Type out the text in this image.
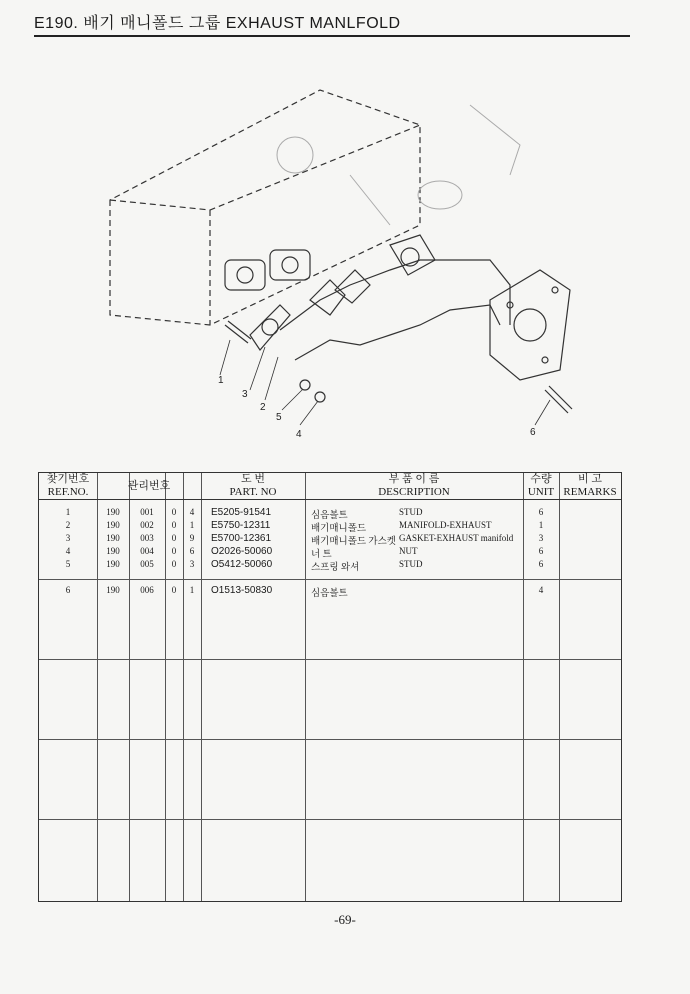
E190. 배기 매니폴드 그룹 EXHAUST MANLFOLD
1
2
3
4
5
6
찾기번호
REF.NO.	관리번호
도 번
PART. NO
부 품 이 름
DESCRIPTION
수량
UNIT
비 고
REMARKS
1	190	001	0	4	E5205-91541	심음볼트	STUD	6
2	190	002	0	1	E5750-12311	배기매니폴드	MANIFOLD-EXHAUST	1
3	190	003	0	9	E5700-12361	배기매니폴드 가스켓 GASKET-EXHAUST manifold	3
4	190	004	0	6	O2026-50060	너 트	NUT	6
5	190	005	0	3	O5412-50060	스프링 와셔	STUD	6
6	190	006	0	1	O1513-50830	심음볼트	4
-69-
